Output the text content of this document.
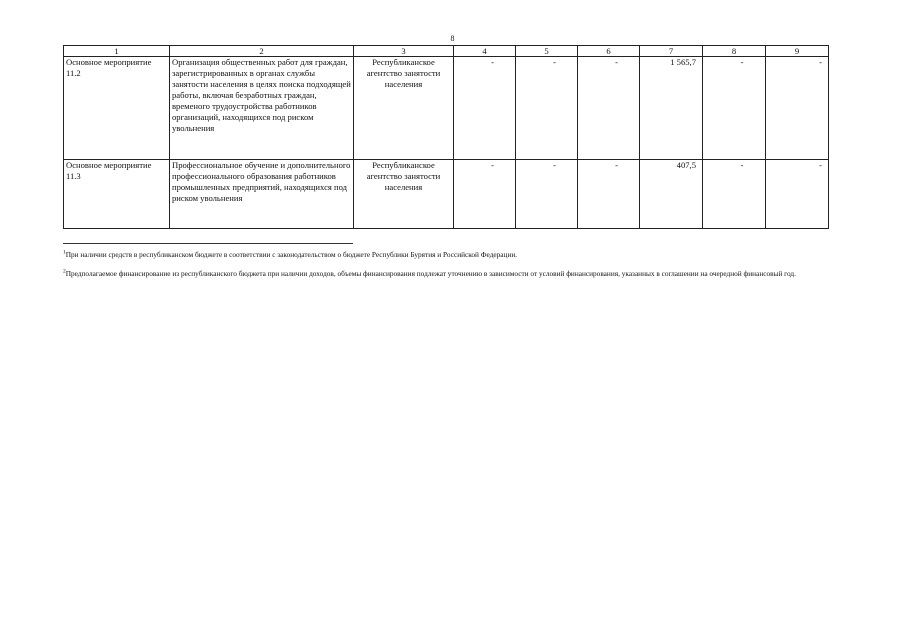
8
1	2	3	4	5	6	7	8	9
Основное мероприятие 11.2	Организация общественных работ для граждан, зарегистрированных в органах службы занятости населения в целях поиска подходящей работы, включая безработных граждан, временого трудоустройства работников организаций, находящихся под риском увольнения	Республиканское агентство занятости населения	-	-	-	1 565,7	-	-
Основное мероприятие 11.3	Профессиональное обучение и дополнительного профессионального образования работников промышленных предприятий, находящихся под риском увольнения	Республиканское агентство занятости населения	-	-	-	407,5	-	-
$^1$При наличии средств в республиканском бюджете в соответствии с законодательством о бюджете Республики Бурятия и Российской Федерации.
$^2$Предполагаемое финансирование из республиканского бюджета при наличии доходов, объемы финансирования подлежат уточнению в зависимости от условий финансирования, указанных в соглашении на очередной финансовый год.
